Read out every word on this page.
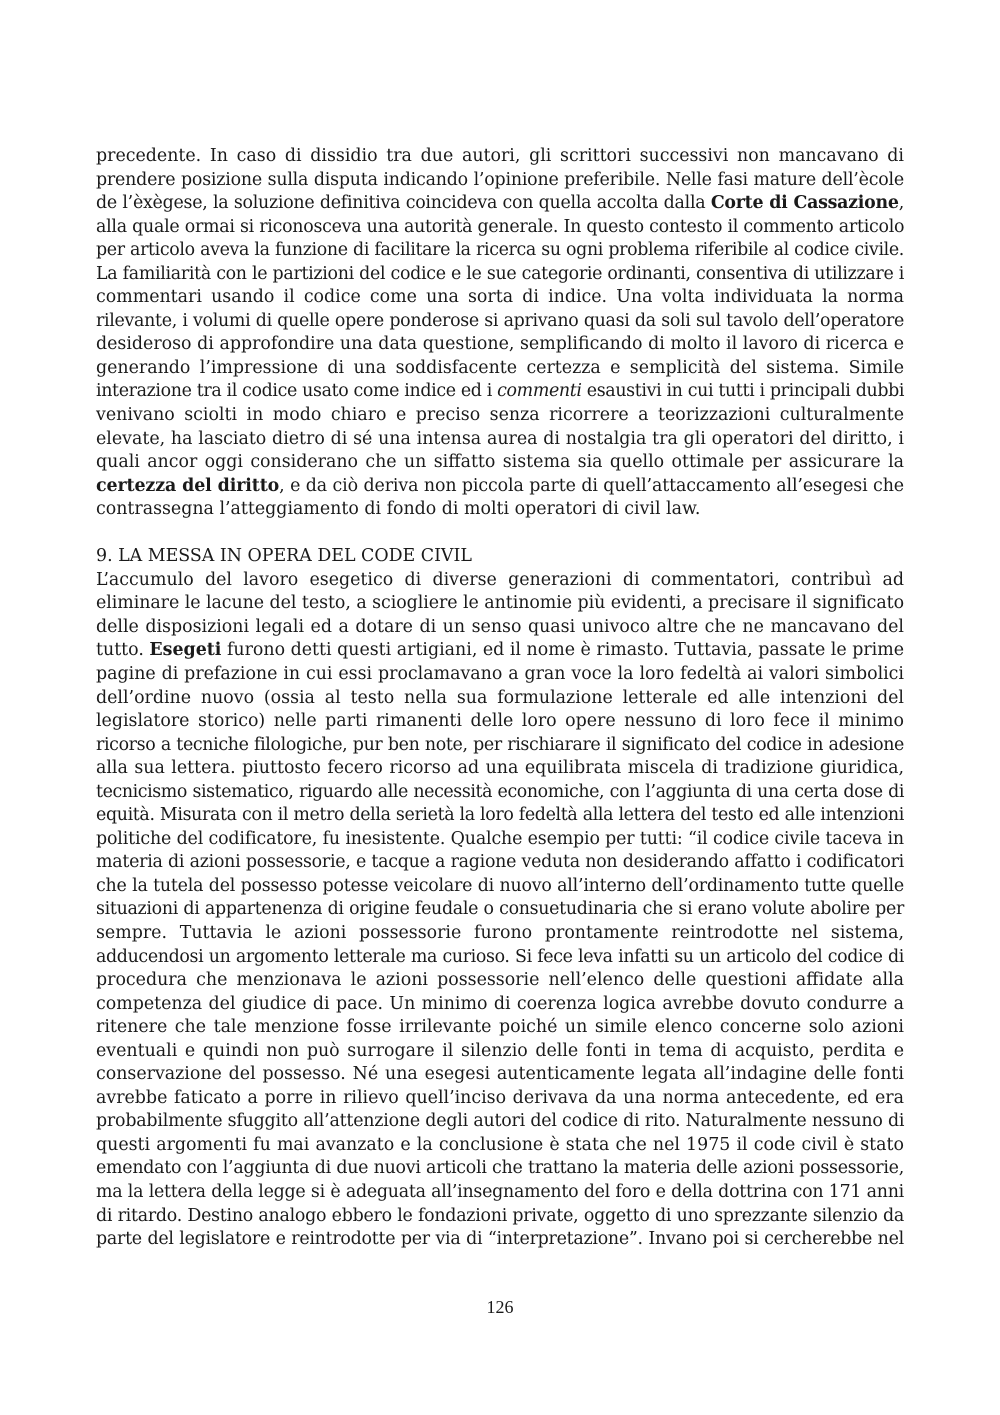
precedente. In caso di dissidio tra due autori, gli scrittori successivi non mancavano di
prendere posizione sulla disputa indicando l’opinione preferibile. Nelle fasi mature dell’ècole
de l’èxègese, la soluzione definitiva coincideva con quella accolta dalla Corte di Cassazione,
alla quale ormai si riconosceva una autorità generale. In questo contesto il commento articolo
per articolo aveva la funzione di facilitare la ricerca su ogni problema riferibile al codice civile.
La familiarità con le partizioni del codice e le sue categorie ordinanti, consentiva di utilizzare i
commentari usando il codice come una sorta di indice. Una volta individuata la norma
rilevante, i volumi di quelle opere ponderose si aprivano quasi da soli sul tavolo dell’operatore
desideroso di approfondire una data questione, semplificando di molto il lavoro di ricerca e
generando l’impressione di una soddisfacente certezza e semplicità del sistema. Simile
interazione tra il codice usato come indice ed i commenti esaustivi in cui tutti i principali dubbi
venivano sciolti in modo chiaro e preciso senza ricorrere a teorizzazioni culturalmente
elevate, ha lasciato dietro di sé una intensa aurea di nostalgia tra gli operatori del diritto, i
quali ancor oggi considerano che un siffatto sistema sia quello ottimale per assicurare la
certezza del diritto, e da ciò deriva non piccola parte di quell’attaccamento all’esegesi che
contrassegna l’atteggiamento di fondo di molti operatori di civil law.
9. LA MESSA IN OPERA DEL CODE CIVIL
L’accumulo del lavoro esegetico di diverse generazioni di commentatori, contribuì ad
eliminare le lacune del testo, a sciogliere le antinomie più evidenti, a precisare il significato
delle disposizioni legali ed a dotare di un senso quasi univoco altre che ne mancavano del
tutto. Esegeti furono detti questi artigiani, ed il nome è rimasto. Tuttavia, passate le prime
pagine di prefazione in cui essi proclamavano a gran voce la loro fedeltà ai valori simbolici
dell’ordine nuovo (ossia al testo nella sua formulazione letterale ed alle intenzioni del
legislatore storico) nelle parti rimanenti delle loro opere nessuno di loro fece il minimo
ricorso a tecniche filologiche, pur ben note, per rischiarare il significato del codice in adesione
alla sua lettera. piuttosto fecero ricorso ad una equilibrata miscela di tradizione giuridica,
tecnicismo sistematico, riguardo alle necessità economiche, con l’aggiunta di una certa dose di
equità. Misurata con il metro della serietà la loro fedeltà alla lettera del testo ed alle intenzioni
politiche del codificatore, fu inesistente. Qualche esempio per tutti: “il codice civile taceva in
materia di azioni possessorie, e tacque a ragione veduta non desiderando affatto i codificatori
che la tutela del possesso potesse veicolare di nuovo all’interno dell’ordinamento tutte quelle
situazioni di appartenenza di origine feudale o consuetudinaria che si erano volute abolire per
sempre. Tuttavia le azioni possessorie furono prontamente reintrodotte nel sistema,
adducendosi un argomento letterale ma curioso. Si fece leva infatti su un articolo del codice di
procedura che menzionava le azioni possessorie nell’elenco delle questioni affidate alla
competenza del giudice di pace. Un minimo di coerenza logica avrebbe dovuto condurre a
ritenere che tale menzione fosse irrilevante poiché un simile elenco concerne solo azioni
eventuali e quindi non può surrogare il silenzio delle fonti in tema di acquisto, perdita e
conservazione del possesso. Né una esegesi autenticamente legata all’indagine delle fonti
avrebbe faticato a porre in rilievo quell’inciso derivava da una norma antecedente, ed era
probabilmente sfuggito all’attenzione degli autori del codice di rito. Naturalmente nessuno di
questi argomenti fu mai avanzato e la conclusione è stata che nel 1975 il code civil è stato
emendato con l’aggiunta di due nuovi articoli che trattano la materia delle azioni possessorie,
ma la lettera della legge si è adeguata all’insegnamento del foro e della dottrina con 171 anni
di ritardo. Destino analogo ebbero le fondazioni private, oggetto di uno sprezzante silenzio da
parte del legislatore e reintrodotte per via di “interpretazione”. Invano poi si cercherebbe nel
126
